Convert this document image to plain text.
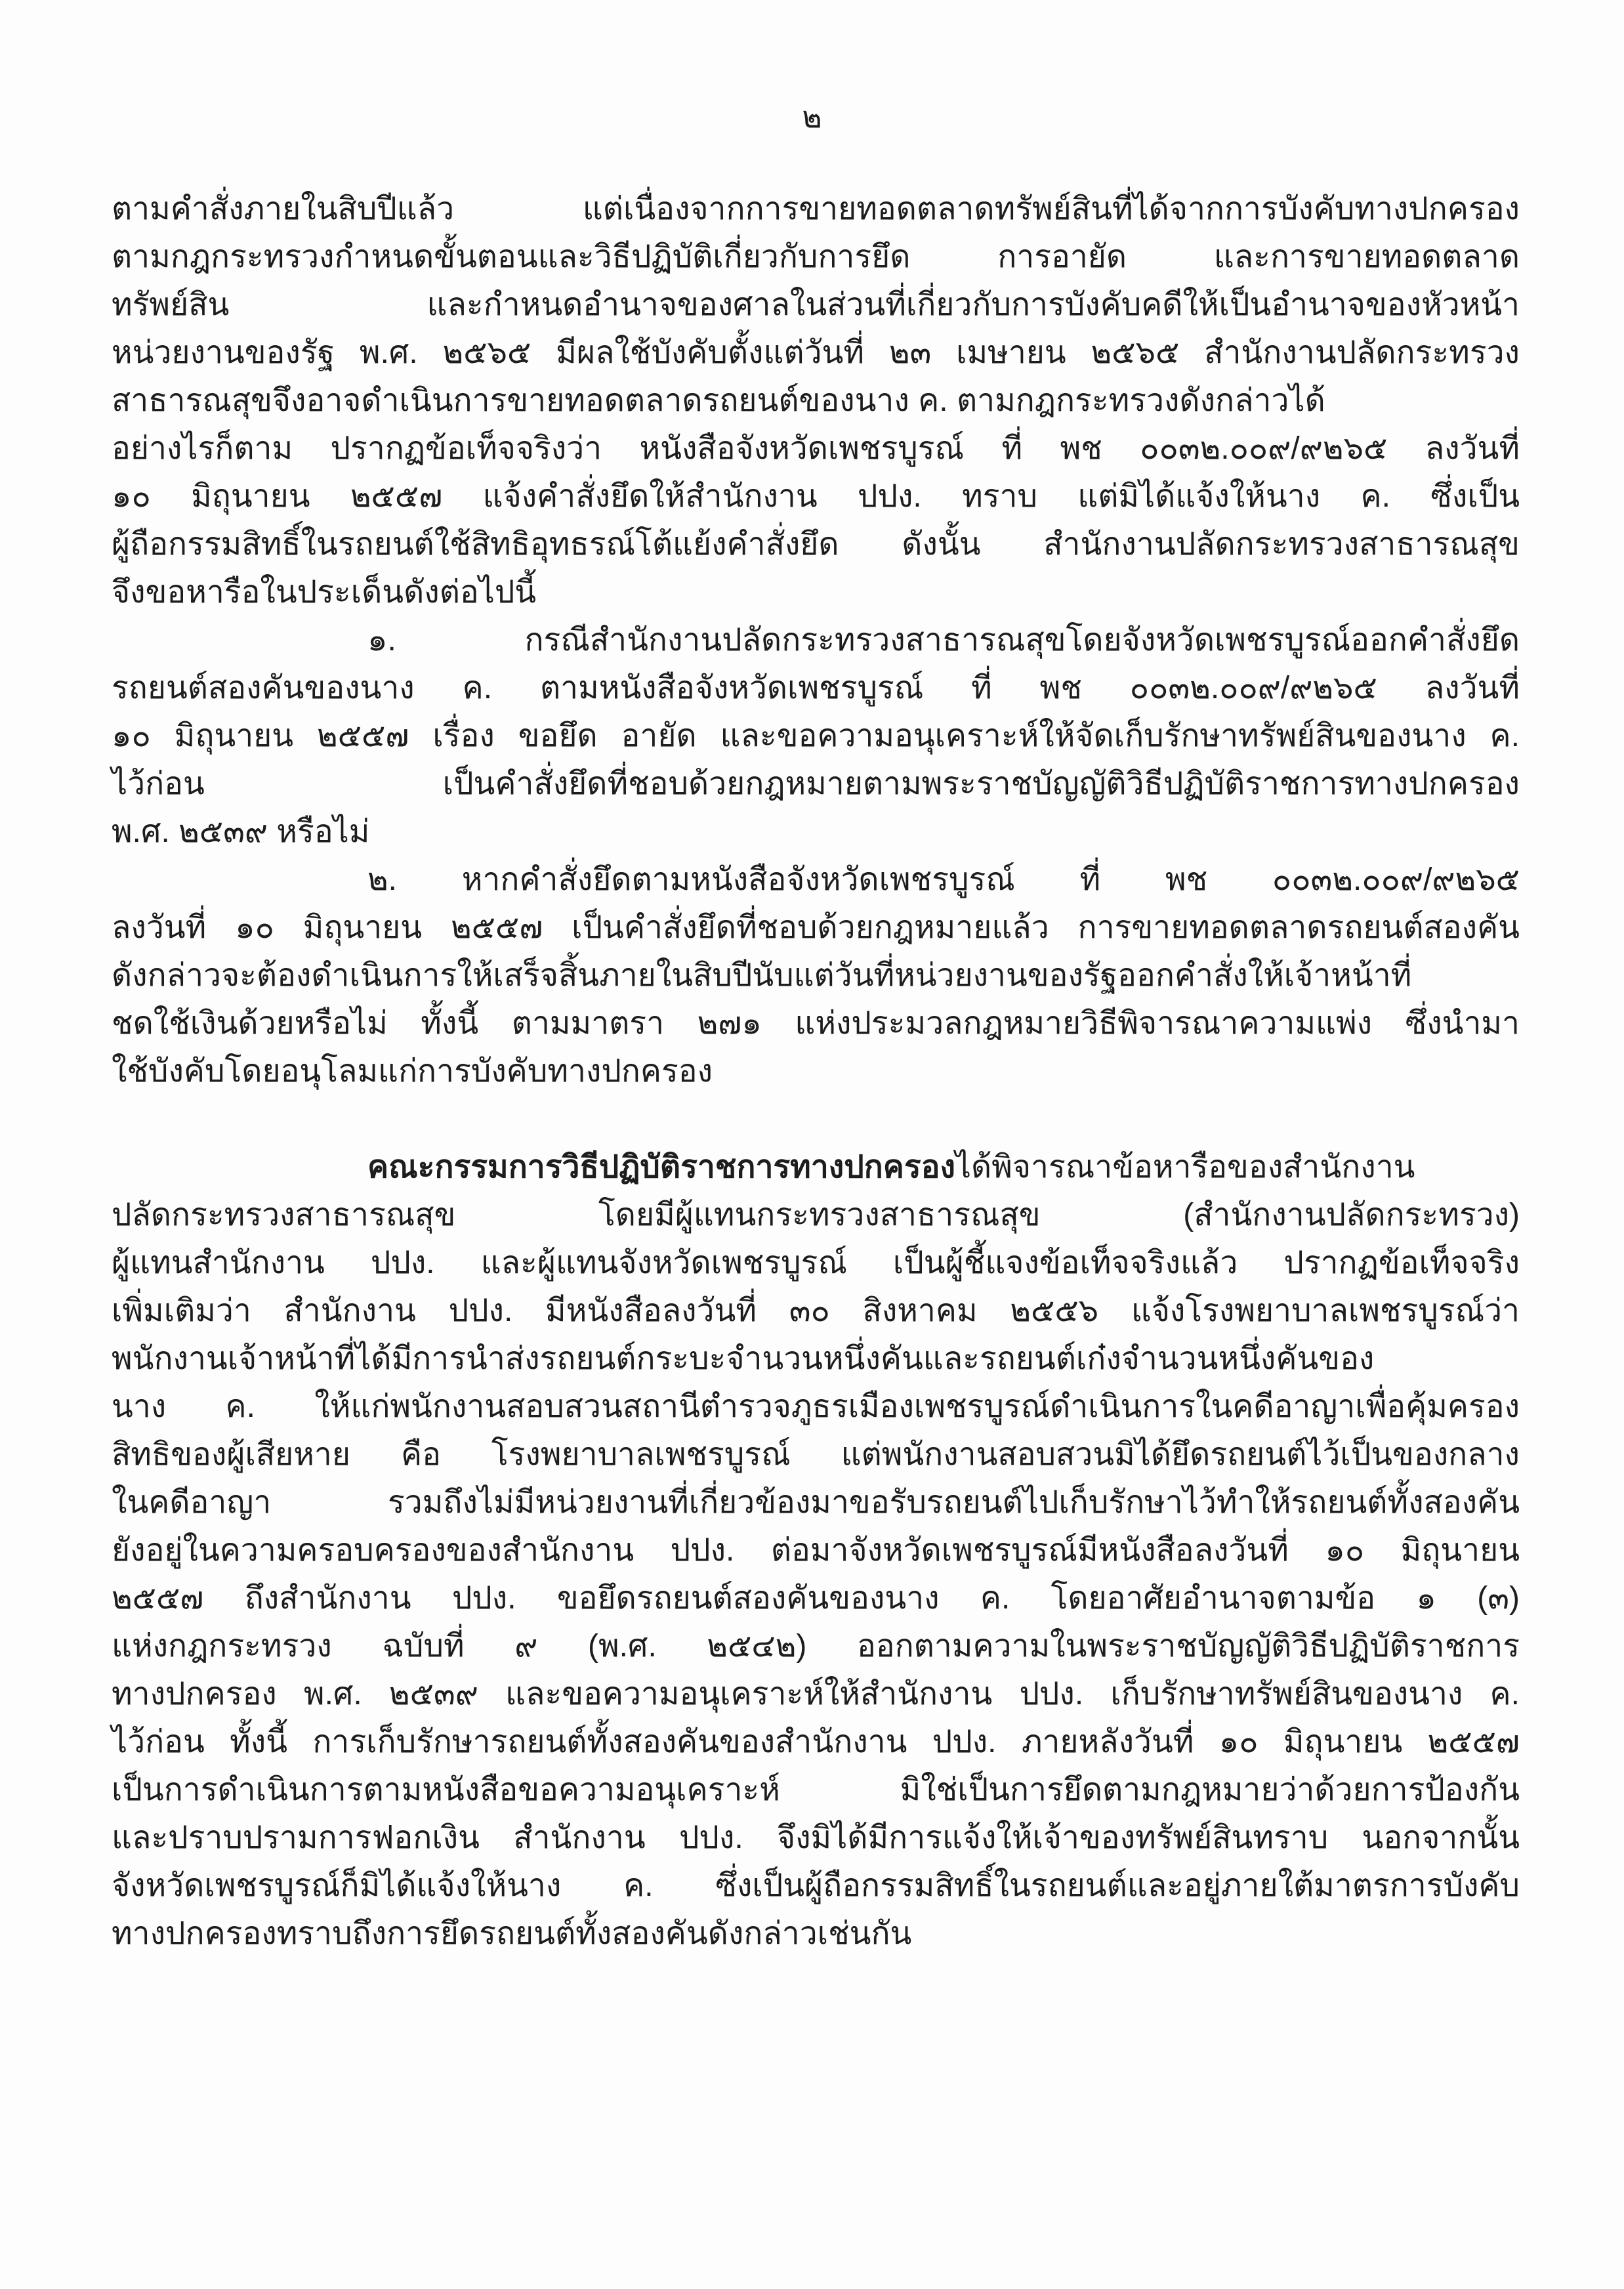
๒
ตามคำสั่งภายในสิบปีแล้ว แต่เนื่องจากการขายทอดตลาดทรัพย์สินที่ได้จากการบังคับทางปกครอง
ตามกฎกระทรวงกำหนดขั้นตอนและวิธีปฏิบัติเกี่ยวกับการยึด การอายัด และการขายทอดตลาด
ทรัพย์สิน และกำหนดอำนาจของศาลในส่วนที่เกี่ยวกับการบังคับคดีให้เป็นอำนาจของหัวหน้า
หน่วยงานของรัฐ พ.ศ. ๒๕๖๕ มีผลใช้บังคับตั้งแต่วันที่ ๒๓ เมษายน ๒๕๖๕ สำนักงานปลัดกระทรวง
สาธารณสุขจึงอาจดำเนินการขายทอดตลาดรถยนต์ของนาง ค. ตามกฎกระทรวงดังกล่าวได้
อย่างไรก็ตาม ปรากฏข้อเท็จจริงว่า หนังสือจังหวัดเพชรบูรณ์ ที่ พช ๐๐๓๒.๐๐๙/๙๒๖๕ ลงวันที่
๑๐ มิถุนายน ๒๕๕๗ แจ้งคำสั่งยึดให้สำนักงาน ปปง. ทราบ แต่มิได้แจ้งให้นาง ค. ซึ่งเป็น
ผู้ถือกรรมสิทธิ์ในรถยนต์ใช้สิทธิอุทธรณ์โต้แย้งคำสั่งยึด ดังนั้น สำนักงานปลัดกระทรวงสาธารณสุข
จึงขอหารือในประเด็นดังต่อไปนี้
๑. กรณีสำนักงานปลัดกระทรวงสาธารณสุขโดยจังหวัดเพชรบูรณ์ออกคำสั่งยึด
รถยนต์สองคันของนาง ค. ตามหนังสือจังหวัดเพชรบูรณ์ ที่ พช ๐๐๓๒.๐๐๙/๙๒๖๕ ลงวันที่
๑๐ มิถุนายน ๒๕๕๗ เรื่อง ขอยึด อายัด และขอความอนุเคราะห์ให้จัดเก็บรักษาทรัพย์สินของนาง ค.
ไว้ก่อน เป็นคำสั่งยึดที่ชอบด้วยกฎหมายตามพระราชบัญญัติวิธีปฏิบัติราชการทางปกครอง
พ.ศ. ๒๕๓๙ หรือไม่
๒. หากคำสั่งยึดตามหนังสือจังหวัดเพชรบูรณ์ ที่ พช ๐๐๓๒.๐๐๙/๙๒๖๕
ลงวันที่ ๑๐ มิถุนายน ๒๕๕๗ เป็นคำสั่งยึดที่ชอบด้วยกฎหมายแล้ว การขายทอดตลาดรถยนต์สองคัน
ดังกล่าวจะต้องดำเนินการให้เสร็จสิ้นภายในสิบปีนับแต่วันที่หน่วยงานของรัฐออกคำสั่งให้เจ้าหน้าที่
ชดใช้เงินด้วยหรือไม่ ทั้งนี้ ตามมาตรา ๒๗๑ แห่งประมวลกฎหมายวิธีพิจารณาความแพ่ง ซึ่งนำมา
ใช้บังคับโดยอนุโลมแก่การบังคับทางปกครอง
คณะกรรมการวิธีปฏิบัติราชการทางปกครองได้พิจารณาข้อหารือของสำนักงาน
ปลัดกระทรวงสาธารณสุข โดยมีผู้แทนกระทรวงสาธารณสุข (สำนักงานปลัดกระทรวง)
ผู้แทนสำนักงาน ปปง. และผู้แทนจังหวัดเพชรบูรณ์ เป็นผู้ชี้แจงข้อเท็จจริงแล้ว ปรากฏข้อเท็จจริง
เพิ่มเติมว่า สำนักงาน ปปง. มีหนังสือลงวันที่ ๓๐ สิงหาคม ๒๕๕๖ แจ้งโรงพยาบาลเพชรบูรณ์ว่า
พนักงานเจ้าหน้าที่ได้มีการนำส่งรถยนต์กระบะจำนวนหนึ่งคันและรถยนต์เก๋งจำนวนหนึ่งคันของ
นาง ค. ให้แก่พนักงานสอบสวนสถานีตำรวจภูธรเมืองเพชรบูรณ์ดำเนินการในคดีอาญาเพื่อคุ้มครอง
สิทธิของผู้เสียหาย คือ โรงพยาบาลเพชรบูรณ์ แต่พนักงานสอบสวนมิได้ยึดรถยนต์ไว้เป็นของกลาง
ในคดีอาญา รวมถึงไม่มีหน่วยงานที่เกี่ยวข้องมาขอรับรถยนต์ไปเก็บรักษาไว้ทำให้รถยนต์ทั้งสองคัน
ยังอยู่ในความครอบครองของสำนักงาน ปปง. ต่อมาจังหวัดเพชรบูรณ์มีหนังสือลงวันที่ ๑๐ มิถุนายน
๒๕๕๗ ถึงสำนักงาน ปปง. ขอยึดรถยนต์สองคันของนาง ค. โดยอาศัยอำนาจตามข้อ ๑ (๓)
แห่งกฎกระทรวง ฉบับที่ ๙ (พ.ศ. ๒๕๔๒) ออกตามความในพระราชบัญญัติวิธีปฏิบัติราชการ
ทางปกครอง พ.ศ. ๒๕๓๙ และขอความอนุเคราะห์ให้สำนักงาน ปปง. เก็บรักษาทรัพย์สินของนาง ค.
ไว้ก่อน ทั้งนี้ การเก็บรักษารถยนต์ทั้งสองคันของสำนักงาน ปปง. ภายหลังวันที่ ๑๐ มิถุนายน ๒๕๕๗
เป็นการดำเนินการตามหนังสือขอความอนุเคราะห์ มิใช่เป็นการยึดตามกฎหมายว่าด้วยการป้องกัน
และปราบปรามการฟอกเงิน สำนักงาน ปปง. จึงมิได้มีการแจ้งให้เจ้าของทรัพย์สินทราบ นอกจากนั้น
จังหวัดเพชรบูรณ์ก็มิได้แจ้งให้นาง ค. ซึ่งเป็นผู้ถือกรรมสิทธิ์ในรถยนต์และอยู่ภายใต้มาตรการบังคับ
ทางปกครองทราบถึงการยึดรถยนต์ทั้งสองคันดังกล่าวเช่นกัน
